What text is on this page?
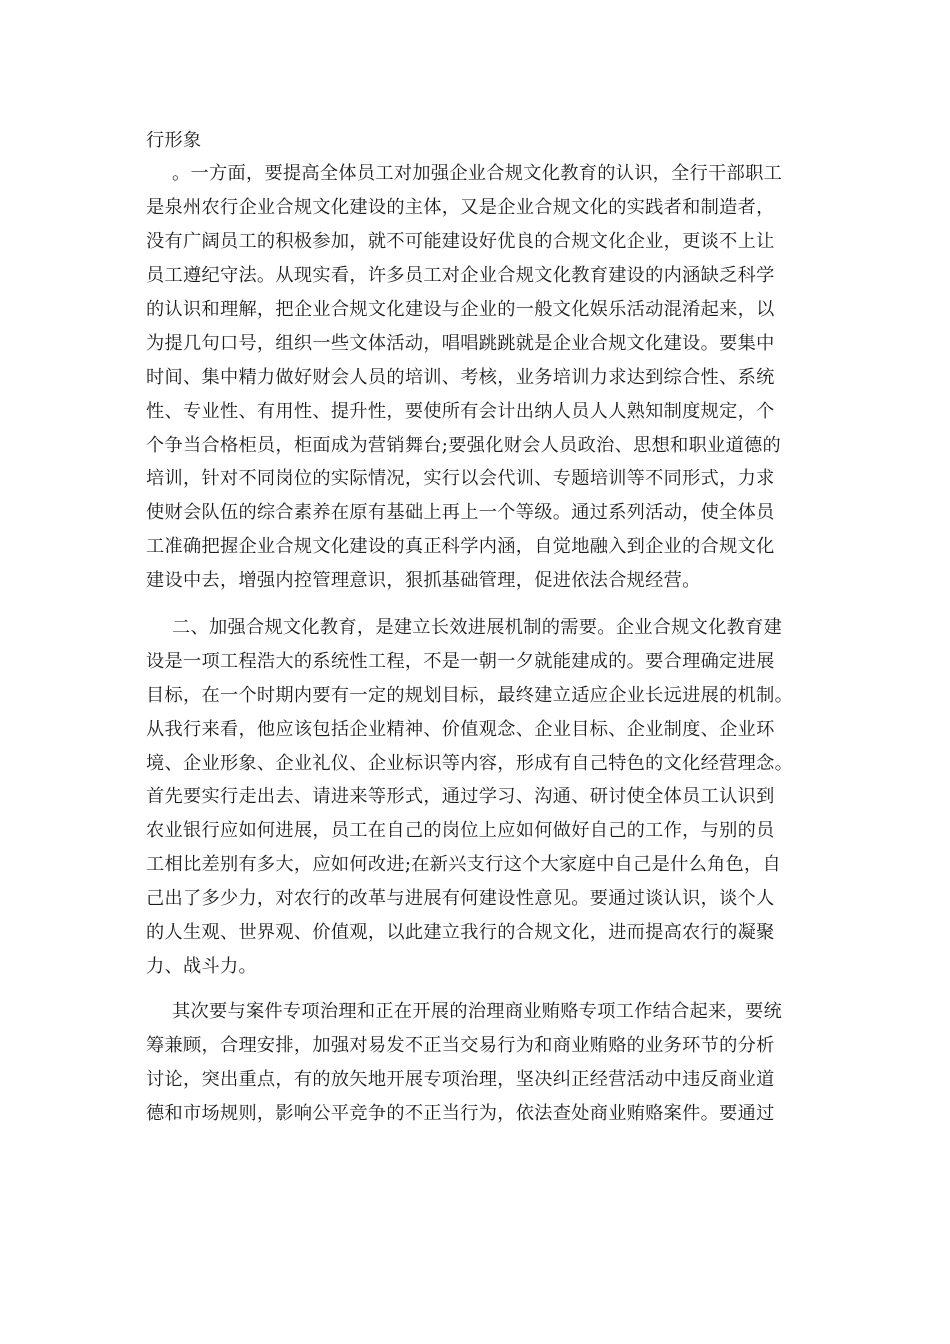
行形象
。一方面，要提高全体员工对加强企业合规文化教育的认识，全行干部职工
是泉州农行企业合规文化建设的主体，又是企业合规文化的实践者和制造者，
没有广阔员工的积极参加，就不可能建设好优良的合规文化企业，更谈不上让
员工遵纪守法。从现实看，许多员工对企业合规文化教育建设的内涵缺乏科学
的认识和理解，把企业合规文化建设与企业的一般文化娱乐活动混淆起来，以
为提几句口号，组织一些文体活动，唱唱跳跳就是企业合规文化建设。要集中
时间、集中精力做好财会人员的培训、考核，业务培训力求达到综合性、系统
性、专业性、有用性、提升性，要使所有会计出纳人员人人熟知制度规定，个
个争当合格柜员，柜面成为营销舞台;要强化财会人员政治、思想和职业道德的
培训，针对不同岗位的实际情况，实行以会代训、专题培训等不同形式，力求
使财会队伍的综合素养在原有基础上再上一个等级。通过系列活动，使全体员
工准确把握企业合规文化建设的真正科学内涵，自觉地融入到企业的合规文化
建设中去，增强内控管理意识，狠抓基础管理，促进依法合规经营。
二、加强合规文化教育，是建立长效进展机制的需要。企业合规文化教育建
设是一项工程浩大的系统性工程，不是一朝一夕就能建成的。要合理确定进展
目标，在一个时期内要有一定的规划目标，最终建立适应企业长远进展的机制。
从我行来看，他应该包括企业精神、价值观念、企业目标、企业制度、企业环
境、企业形象、企业礼仪、企业标识等内容，形成有自己特色的文化经营理念。
首先要实行走出去、请进来等形式，通过学习、沟通、研讨使全体员工认识到
农业银行应如何进展，员工在自己的岗位上应如何做好自己的工作，与别的员
工相比差别有多大，应如何改进;在新兴支行这个大家庭中自己是什么角色，自
己出了多少力，对农行的改革与进展有何建设性意见。要通过谈认识，谈个人
的人生观、世界观、价值观，以此建立我行的合规文化，进而提高农行的凝聚
力、战斗力。
其次要与案件专项治理和正在开展的治理商业贿赂专项工作结合起来，要统
筹兼顾，合理安排，加强对易发不正当交易行为和商业贿赂的业务环节的分析
讨论，突出重点，有的放矢地开展专项治理，坚决纠正经营活动中违反商业道
德和市场规则，影响公平竞争的不正当行为，依法查处商业贿赂案件。要通过
